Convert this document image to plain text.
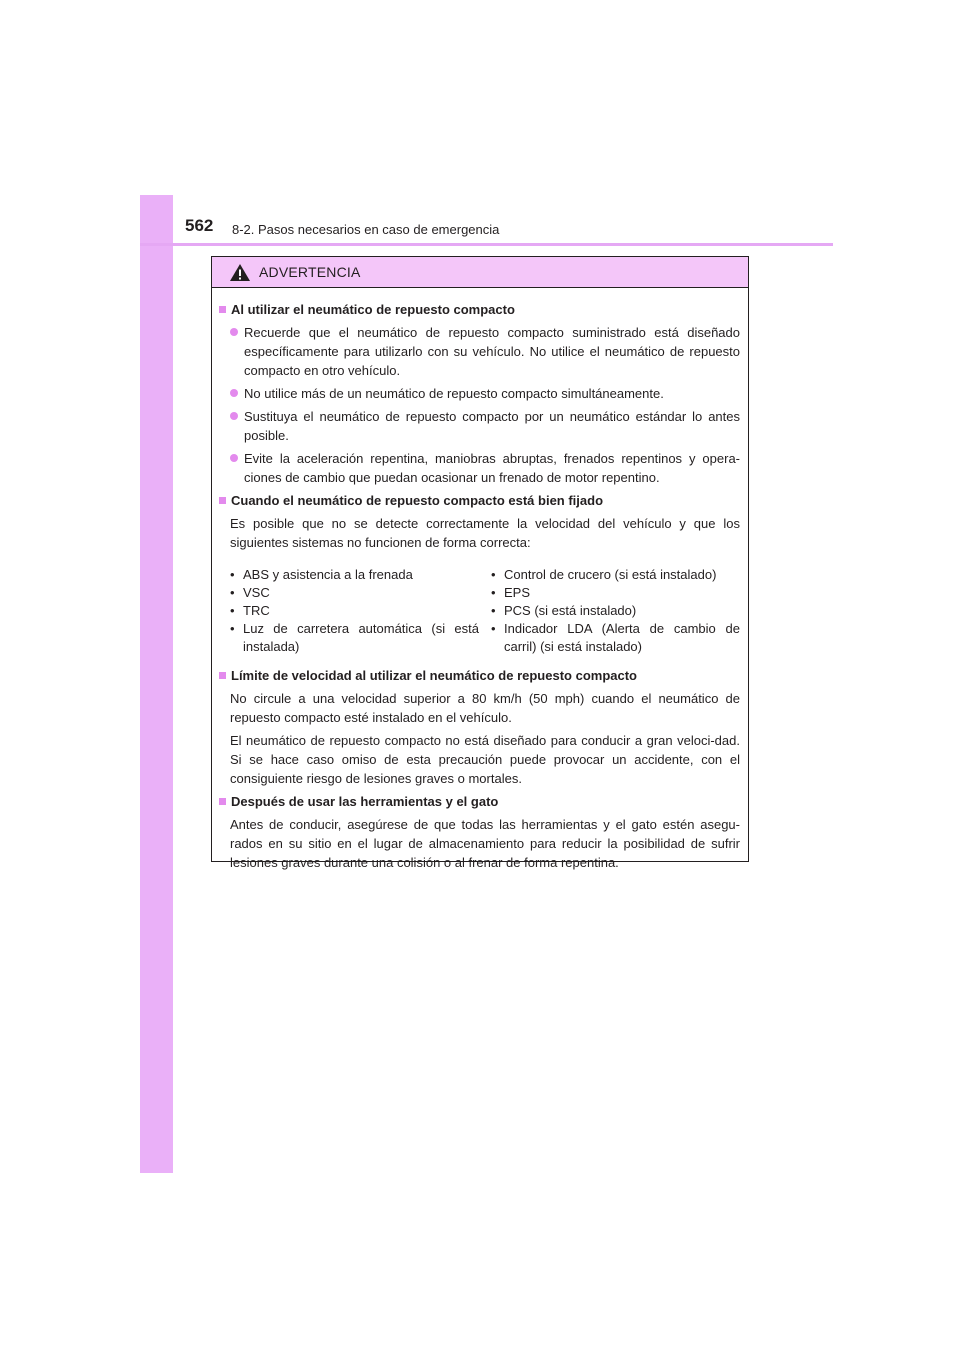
562 8-2. Pasos necesarios en caso de emergencia
ADVERTENCIA
Al utilizar el neumático de repuesto compacto
Recuerde que el neumático de repuesto compacto suministrado está diseñado específicamente para utilizarlo con su vehículo. No utilice el neumático de repuesto compacto en otro vehículo.
No utilice más de un neumático de repuesto compacto simultáneamente.
Sustituya el neumático de repuesto compacto por un neumático estándar lo antes posible.
Evite la aceleración repentina, maniobras abruptas, frenados repentinos y opera-ciones de cambio que puedan ocasionar un frenado de motor repentino.
Cuando el neumático de repuesto compacto está bien fijado
Es posible que no se detecte correctamente la velocidad del vehículo y que los siguientes sistemas no funcionen de forma correcta:
• ABS y asistencia a la frenada
• VSC
• TRC
• Luz de carretera automática (si está instalada)
• Control de crucero (si está instalado)
• EPS
• PCS (si está instalado)
• Indicador LDA (Alerta de cambio de carril) (si está instalado)
Límite de velocidad al utilizar el neumático de repuesto compacto
No circule a una velocidad superior a 80 km/h (50 mph) cuando el neumático de repuesto compacto esté instalado en el vehículo.
El neumático de repuesto compacto no está diseñado para conducir a gran veloci-dad. Si se hace caso omiso de esta precaución puede provocar un accidente, con el consiguiente riesgo de lesiones graves o mortales.
Después de usar las herramientas y el gato
Antes de conducir, asegúrese de que todas las herramientas y el gato estén asegu-rados en su sitio en el lugar de almacenamiento para reducir la posibilidad de sufrir lesiones graves durante una colisión o al frenar de forma repentina.
